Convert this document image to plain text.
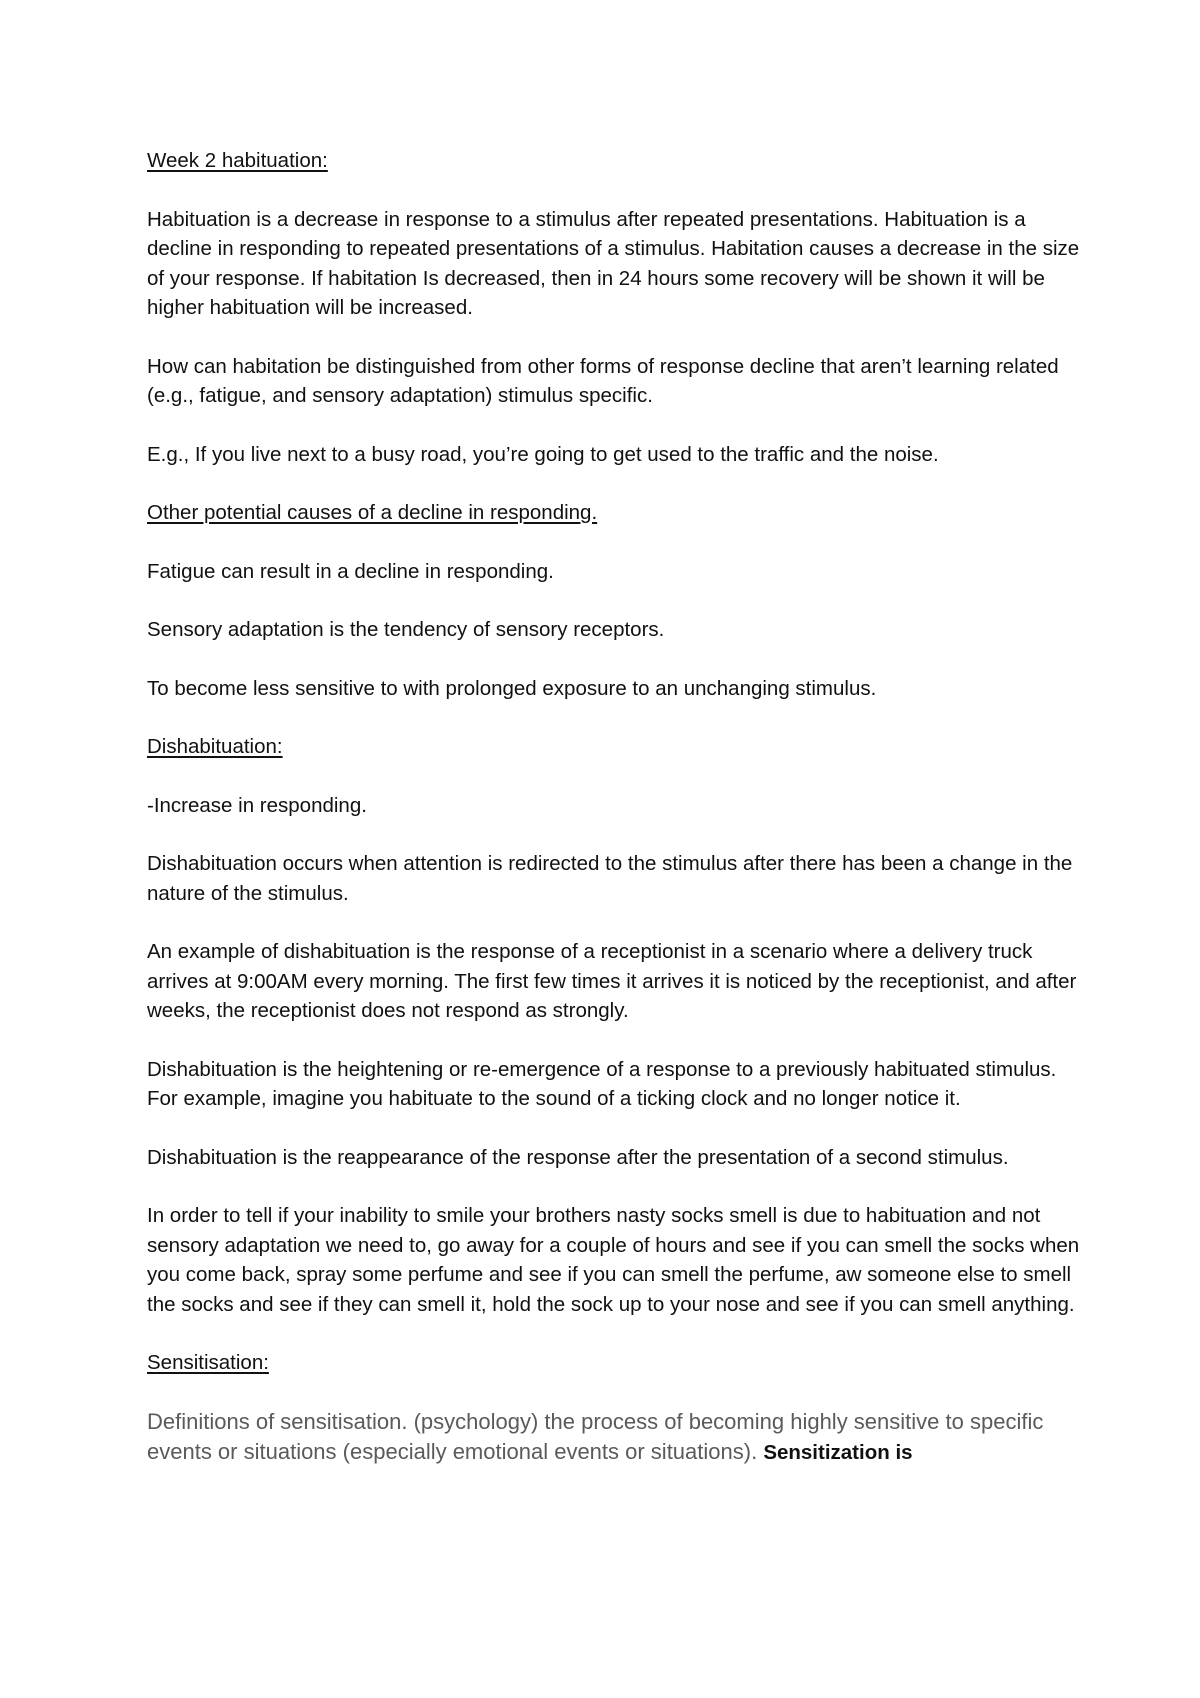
Week 2 habituation:

Habituation is a decrease in response to a stimulus after repeated presentations. Habituation is a decline in responding to repeated presentations of a stimulus. Habitation causes a decrease in the size of your response. If habitation Is decreased, then in 24 hours some recovery will be shown it will be higher habituation will be increased.

How can habitation be distinguished from other forms of response decline that aren’t learning related (e.g., fatigue, and sensory adaptation) stimulus specific.

E.g., If you live next to a busy road, you’re going to get used to the traffic and the noise.

Other potential causes of a decline in responding.

Fatigue can result in a decline in responding.

Sensory adaptation is the tendency of sensory receptors.

To become less sensitive to with prolonged exposure to an unchanging stimulus.

Dishabituation:

-Increase in responding.

Dishabituation occurs when attention is redirected to the stimulus after there has been a change in the nature of the stimulus.

An example of dishabituation is the response of a receptionist in a scenario where a delivery truck arrives at 9:00AM every morning. The first few times it arrives it is noticed by the receptionist, and after weeks, the receptionist does not respond as strongly.

Dishabituation is the heightening or re-emergence of a response to a previously habituated stimulus. For example, imagine you habituate to the sound of a ticking clock and no longer notice it.

Dishabituation is the reappearance of the response after the presentation of a second stimulus.

In order to tell if your inability to smile your brothers nasty socks smell is due to habituation and not sensory adaptation we need to, go away for a couple of hours and see if you can smell the socks when you come back, spray some perfume and see if you can smell the perfume, aw someone else to smell the socks and see if they can smell it, hold the sock up to your nose and see if you can smell anything.

Sensitisation:

Definitions of sensitisation. (psychology) the process of becoming highly sensitive to specific events or situations (especially emotional events or situations). Sensitization is
